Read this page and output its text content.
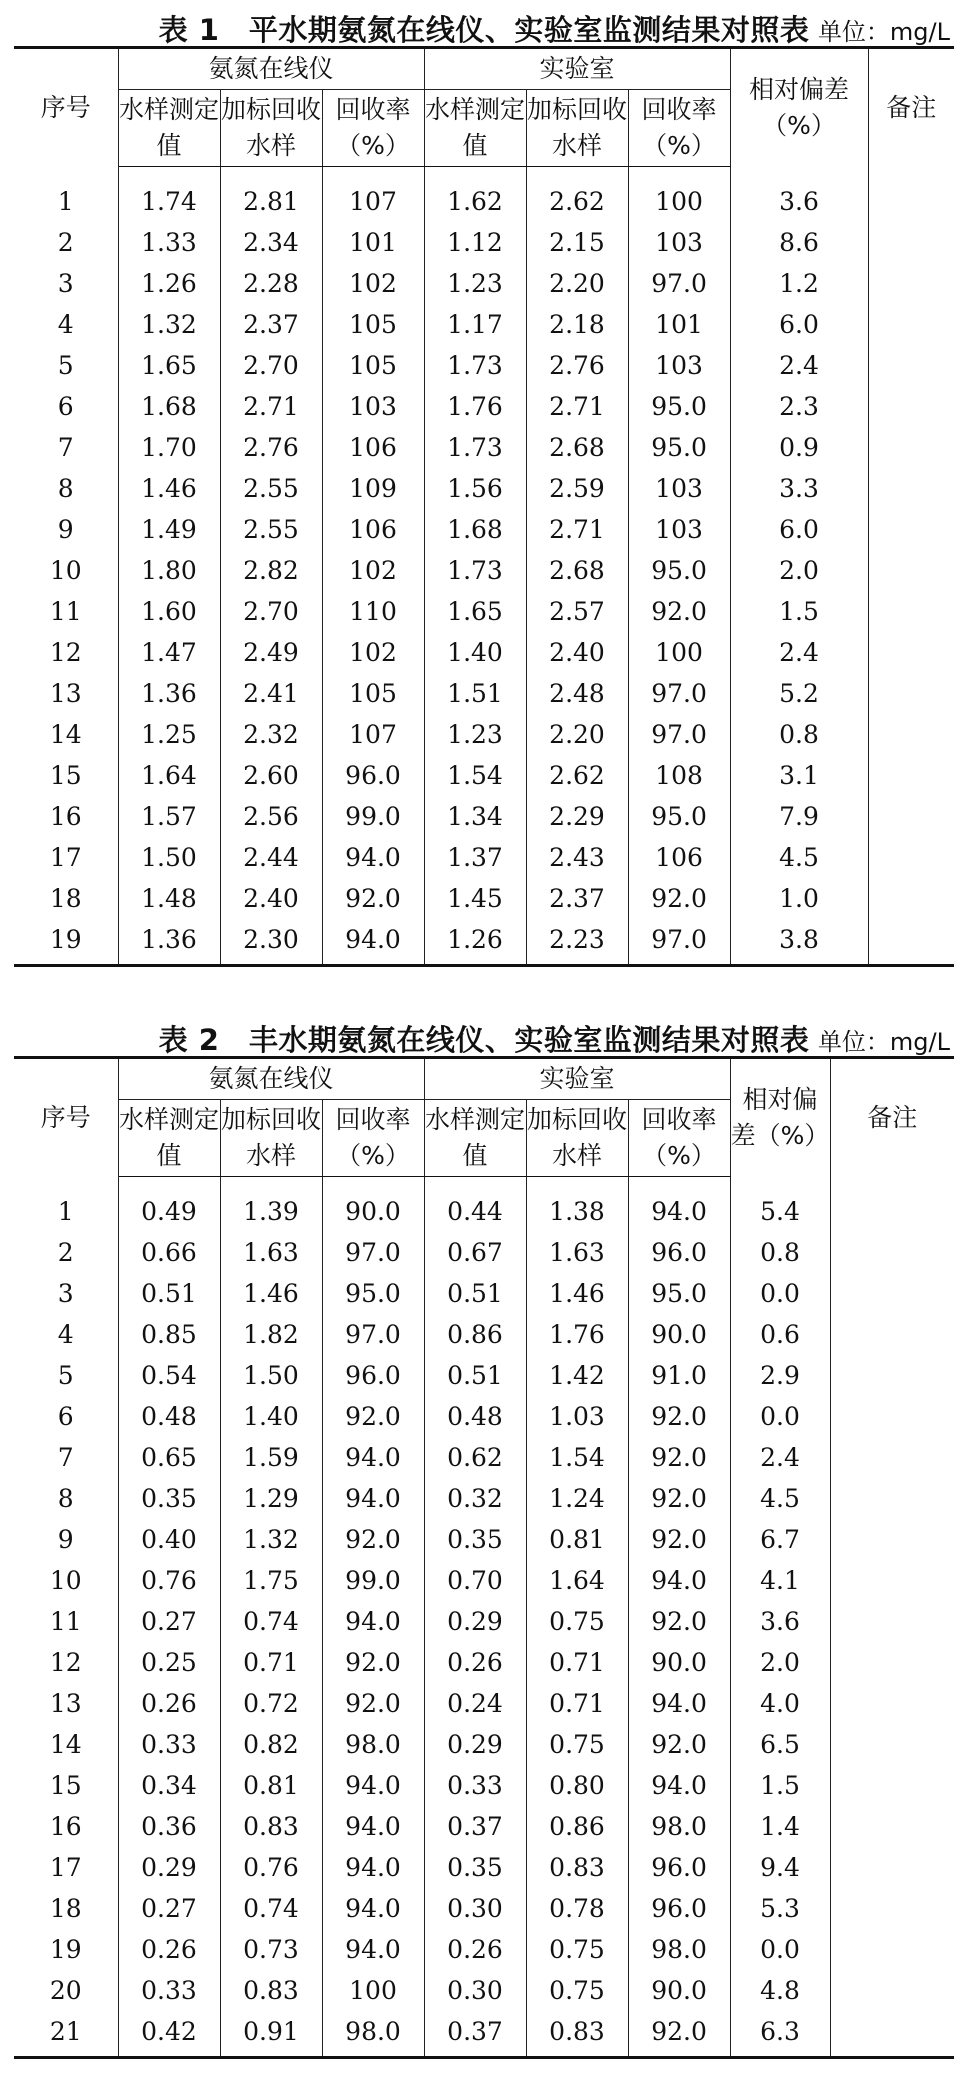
表 1　平水期氨氮在线仪、实验室监测结果对照表 单位：mg/L
序号	氨氮在线仪			实验室			相对偏差（%）	备注
	水样测定值	加标回收水样	回收率（%）	水样测定值	加标回收水样	回收率（%）		
1	1.74	2.81	107	1.62	2.62	100	3.6	
2	1.33	2.34	101	1.12	2.15	103	8.6	
3	1.26	2.28	102	1.23	2.20	97.0	1.2	
4	1.32	2.37	105	1.17	2.18	101	6.0	
5	1.65	2.70	105	1.73	2.76	103	2.4	
6	1.68	2.71	103	1.76	2.71	95.0	2.3	
7	1.70	2.76	106	1.73	2.68	95.0	0.9	
8	1.46	2.55	109	1.56	2.59	103	3.3	
9	1.49	2.55	106	1.68	2.71	103	6.0	
10	1.80	2.82	102	1.73	2.68	95.0	2.0	
11	1.60	2.70	110	1.65	2.57	92.0	1.5	
12	1.47	2.49	102	1.40	2.40	100	2.4	
13	1.36	2.41	105	1.51	2.48	97.0	5.2	
14	1.25	2.32	107	1.23	2.20	97.0	0.8	
15	1.64	2.60	96.0	1.54	2.62	108	3.1	
16	1.57	2.56	99.0	1.34	2.29	95.0	7.9	
17	1.50	2.44	94.0	1.37	2.43	106	4.5	
18	1.48	2.40	92.0	1.45	2.37	92.0	1.0	
19	1.36	2.30	94.0	1.26	2.23	97.0	3.8	
表 2　丰水期氨氮在线仪、实验室监测结果对照表 单位：mg/L
序号	氨氮在线仪			实验室			相对偏差（%）	备注
	水样测定值	加标回收水样	回收率（%）	水样测定值	加标回收水样	回收率（%）		
1	0.49	1.39	90.0	0.44	1.38	94.0	5.4	
2	0.66	1.63	97.0	0.67	1.63	96.0	0.8	
3	0.51	1.46	95.0	0.51	1.46	95.0	0.0	
4	0.85	1.82	97.0	0.86	1.76	90.0	0.6	
5	0.54	1.50	96.0	0.51	1.42	91.0	2.9	
6	0.48	1.40	92.0	0.48	1.03	92.0	0.0	
7	0.65	1.59	94.0	0.62	1.54	92.0	2.4	
8	0.35	1.29	94.0	0.32	1.24	92.0	4.5	
9	0.40	1.32	92.0	0.35	0.81	92.0	6.7	
10	0.76	1.75	99.0	0.70	1.64	94.0	4.1	
11	0.27	0.74	94.0	0.29	0.75	92.0	3.6	
12	0.25	0.71	92.0	0.26	0.71	90.0	2.0	
13	0.26	0.72	92.0	0.24	0.71	94.0	4.0	
14	0.33	0.82	98.0	0.29	0.75	92.0	6.5	
15	0.34	0.81	94.0	0.33	0.80	94.0	1.5	
16	0.36	0.83	94.0	0.37	0.86	98.0	1.4	
17	0.29	0.76	94.0	0.35	0.83	96.0	9.4	
18	0.27	0.74	94.0	0.30	0.78	96.0	5.3	
19	0.26	0.73	94.0	0.26	0.75	98.0	0.0	
20	0.33	0.83	100	0.30	0.75	90.0	4.8	
21	0.42	0.91	98.0	0.37	0.83	92.0	6.3	
